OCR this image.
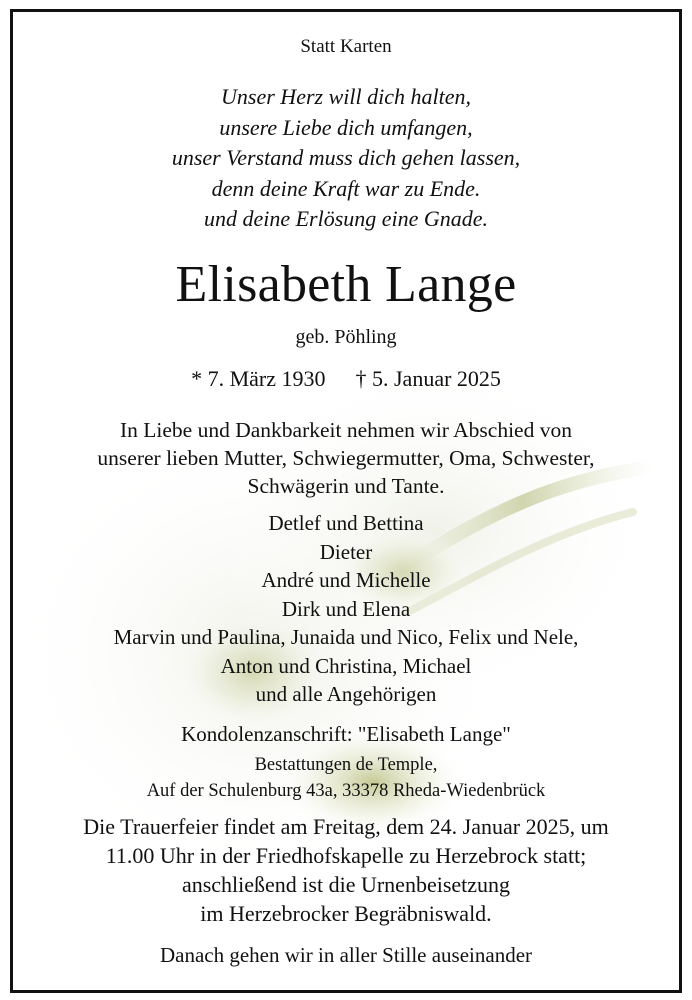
Statt Karten
Unser Herz will dich halten,
unsere Liebe dich umfangen,
unser Verstand muss dich gehen lassen,
denn deine Kraft war zu Ende.
und deine Erlösung eine Gnade.
Elisabeth Lange
geb. Pöhling
* 7. März 1930 † 5. Januar 2025
In Liebe und Dankbarkeit nehmen wir Abschied von
unserer lieben Mutter, Schwiegermutter, Oma, Schwester,
Schwägerin und Tante.
Detlef und Bettina
Dieter
André und Michelle
Dirk und Elena
Marvin und Paulina, Junaida und Nico, Felix und Nele,
Anton und Christina, Michael
und alle Angehörigen
Kondolenzanschrift: "Elisabeth Lange"
Bestattungen de Temple,
Auf der Schulenburg 43a, 33378 Rheda-Wiedenbrück
Die Trauerfeier findet am Freitag, dem 24. Januar 2025, um
11.00 Uhr in der Friedhofskapelle zu Herzebrock statt;
anschließend ist die Urnenbeisetzung
im Herzebrocker Begräbniswald.
Danach gehen wir in aller Stille auseinander
